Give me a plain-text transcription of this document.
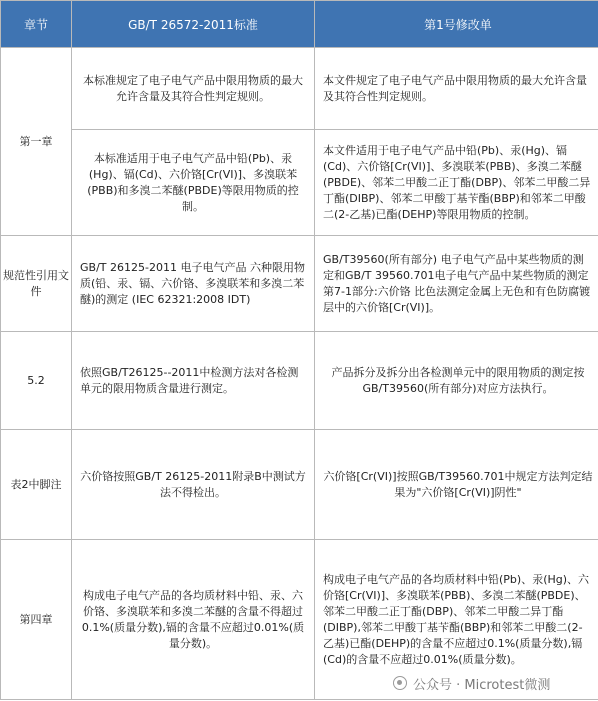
章节	GB/T 26572-2011标准	第1号修改单
第一章	本标准规定了电子电气产品中限用物质的最大允许含量及其符合性判定规则。	本文件规定了电子电气产品中限用物质的最大允许含量及其符合性判定规则。

	本标准适用于电子电气产品中铅(Pb)、汞(Hg)、镉(Cd)、六价铬[Cr(VI)]、多溴联苯(PBB)和多溴二苯醚(PBDE)等限用物质的控制。	本文件适用于电子电气产品中铅(Pb)、汞(Hg)、镉(Cd)、六价铬[Cr(VI)]、多溴联苯(PBB)、多溴二苯醚(PBDE)、邻苯二甲酸二正丁酯(DBP)、邻苯二甲酸二异丁酯(DIBP)、邻苯二甲酸丁基苄酯(BBP)和邻苯二甲酸二(2-乙基)已酯(DEHP)等限用物质的控制。

规范性引用文件	GB/T 26125-2011 电子电气产品 六种限用物质(铅、汞、镉、六价铬、多溴联苯和多溴二苯醚)的测定 (IEC 62321:2008 IDT)	GB/T39560(所有部分) 电子电气产品中某些物质的测定和GB/T 39560.701电子电气产品中某些物质的测定 第7-1部分:六价铬 比色法测定金属上无色和有色防腐镀层中的六价铬[Cr(VI)]。

5.2	依照GB/T26125--2011中检测方法对各检测单元的限用物质含量进行测定。	产品拆分及拆分出各检测单元中的限用物质的测定按GB/T39560(所有部分)对应方法执行。

表2中脚注	六价铬按照GB/T 26125-2011附录B中测试方法不得检出。	六价铬[Cr(VI)]按照GB/T39560.701中规定方法判定结果为"六价铬[Cr(VI)]阴性"

第四章	构成电子电气产品的各均质材料中铅、汞、六价铬、多溴联苯和多溴二苯醚的含量不得超过0.1%(质量分数),镉的含量不应超过0.01%(质量分数)。	构成电子电气产品的各均质材料中铅(Pb)、汞(Hg)、六价铬[Cr(VI)]、多溴联苯(PBB)、多溴二苯醚(PBDE)、邻苯二甲酸二正丁酯(DBP)、邻苯二甲酸二异丁酯(DIBP),邻苯二甲酸丁基苄酯(BBP)和邻苯二甲酸二(2-乙基)已酯(DEHP)的含量不应超过0.1%(质量分数),镉(Cd)的含量不应超过0.01%(质量分数)。
公众号 · Microtest微测
